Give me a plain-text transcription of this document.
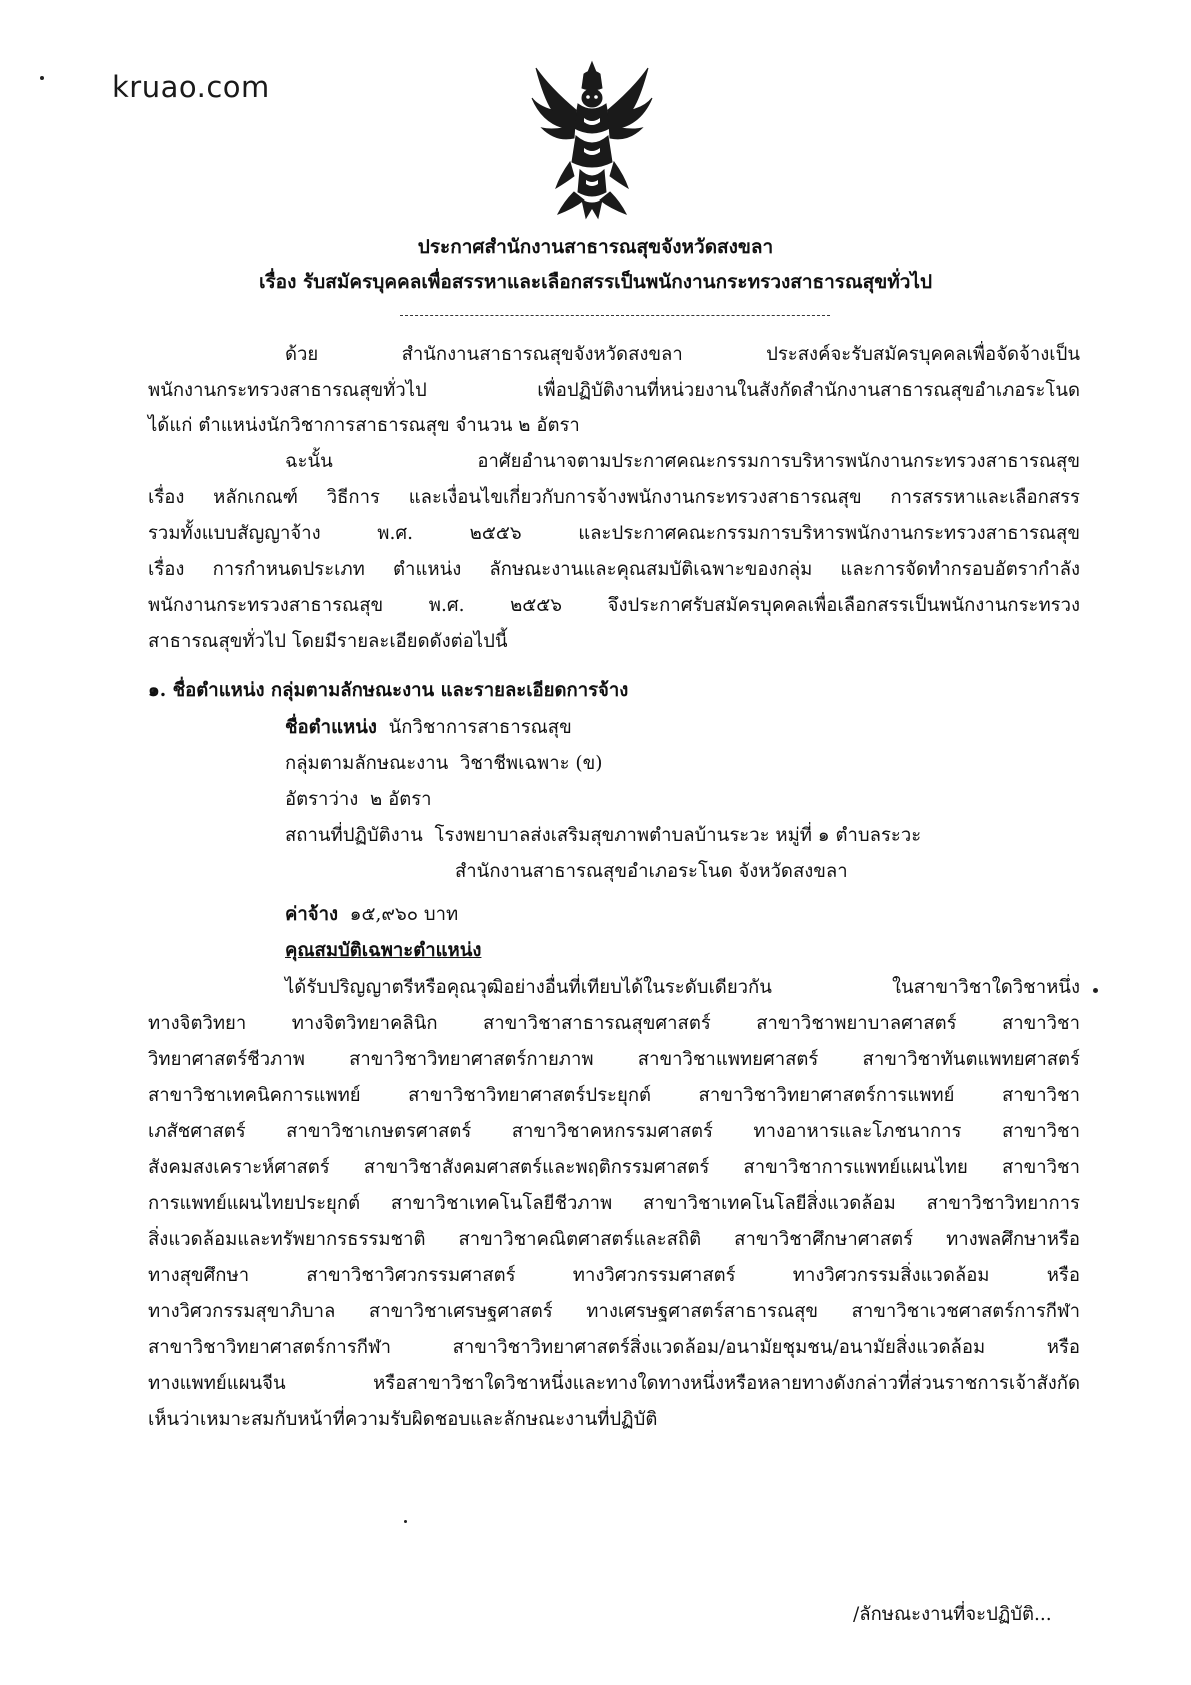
kruao.com
ประกาศสำนักงานสาธารณสุขจังหวัดสงขลา
เรื่อง รับสมัครบุคคลเพื่อสรรหาและเลือกสรรเป็นพนักงานกระทรวงสาธารณสุขทั่วไป
ด้วย สำนักงานสาธารณสุขจังหวัดสงขลา ประสงค์จะรับสมัครบุคคลเพื่อจัดจ้างเป็น
พนักงานกระทรวงสาธารณสุขทั่วไป เพื่อปฏิบัติงานที่หน่วยงานในสังกัดสำนักงานสาธารณสุขอำเภอระโนด
ได้แก่ ตำแหน่งนักวิชาการสาธารณสุข จำนวน ๒ อัตรา
ฉะนั้น อาศัยอำนาจตามประกาศคณะกรรมการบริหารพนักงานกระทรวงสาธารณสุข
เรื่อง หลักเกณฑ์ วิธีการ และเงื่อนไขเกี่ยวกับการจ้างพนักงานกระทรวงสาธารณสุข การสรรหาและเลือกสรร
รวมทั้งแบบสัญญาจ้าง พ.ศ. ๒๕๕๖ และประกาศคณะกรรมการบริหารพนักงานกระทรวงสาธารณสุข
เรื่อง การกำหนดประเภท ตำแหน่ง ลักษณะงานและคุณสมบัติเฉพาะของกลุ่ม และการจัดทำกรอบอัตรากำลัง
พนักงานกระทรวงสาธารณสุข พ.ศ. ๒๕๕๖ จึงประกาศรับสมัครบุคคลเพื่อเลือกสรรเป็นพนักงานกระทรวง
สาธารณสุขทั่วไป โดยมีรายละเอียดดังต่อไปนี้
๑. ชื่อตำแหน่ง กลุ่มตามลักษณะงาน และรายละเอียดการจ้าง
ชื่อตำแหน่ง นักวิชาการสาธารณสุข
กลุ่มตามลักษณะงาน วิชาชีพเฉพาะ (ข)
อัตราว่าง ๒ อัตรา
สถานที่ปฏิบัติงาน โรงพยาบาลส่งเสริมสุขภาพตำบลบ้านระวะ หมู่ที่ ๑ ตำบลระวะ
สำนักงานสาธารณสุขอำเภอระโนด จังหวัดสงขลา
ค่าจ้าง ๑๕,๙๖๐ บาท
คุณสมบัติเฉพาะตำแหน่ง
ได้รับปริญญาตรีหรือคุณวุฒิอย่างอื่นที่เทียบได้ในระดับเดียวกัน ในสาขาวิชาใดวิชาหนึ่ง
ทางจิตวิทยา ทางจิตวิทยาคลินิก สาขาวิชาสาธารณสุขศาสตร์ สาขาวิชาพยาบาลศาสตร์ สาขาวิชา
วิทยาศาสตร์ชีวภาพ สาขาวิชาวิทยาศาสตร์กายภาพ สาขาวิชาแพทยศาสตร์ สาขาวิชาทันตแพทยศาสตร์
สาขาวิชาเทคนิคการแพทย์ สาขาวิชาวิทยาศาสตร์ประยุกต์ สาขาวิชาวิทยาศาสตร์การแพทย์ สาขาวิชา
เภสัชศาสตร์ สาขาวิชาเกษตรศาสตร์ สาขาวิชาคหกรรมศาสตร์ ทางอาหารและโภชนาการ สาขาวิชา
สังคมสงเคราะห์ศาสตร์ สาขาวิชาสังคมศาสตร์และพฤติกรรมศาสตร์ สาขาวิชาการแพทย์แผนไทย สาขาวิชา
การแพทย์แผนไทยประยุกต์ สาขาวิชาเทคโนโลยีชีวภาพ สาขาวิชาเทคโนโลยีสิ่งแวดล้อม สาขาวิชาวิทยาการ
สิ่งแวดล้อมและทรัพยากรธรรมชาติ สาขาวิชาคณิตศาสตร์และสถิติ สาขาวิชาศึกษาศาสตร์ ทางพลศึกษาหรือ
ทางสุขศึกษา สาขาวิชาวิศวกรรมศาสตร์ ทางวิศวกรรมศาสตร์ ทางวิศวกรรมสิ่งแวดล้อม หรือ
ทางวิศวกรรมสุขาภิบาล สาขาวิชาเศรษฐศาสตร์ ทางเศรษฐศาสตร์สาธารณสุข สาขาวิชาเวชศาสตร์การกีฬา
สาขาวิชาวิทยาศาสตร์การกีฬา สาขาวิชาวิทยาศาสตร์สิ่งแวดล้อม/อนามัยชุมชน/อนามัยสิ่งแวดล้อม หรือ
ทางแพทย์แผนจีน หรือสาขาวิชาใดวิชาหนึ่งและทางใดทางหนึ่งหรือหลายทางดังกล่าวที่ส่วนราชการเจ้าสังกัด
เห็นว่าเหมาะสมกับหน้าที่ความรับผิดชอบและลักษณะงานที่ปฏิบัติ
/ลักษณะงานที่จะปฏิบัติ...
